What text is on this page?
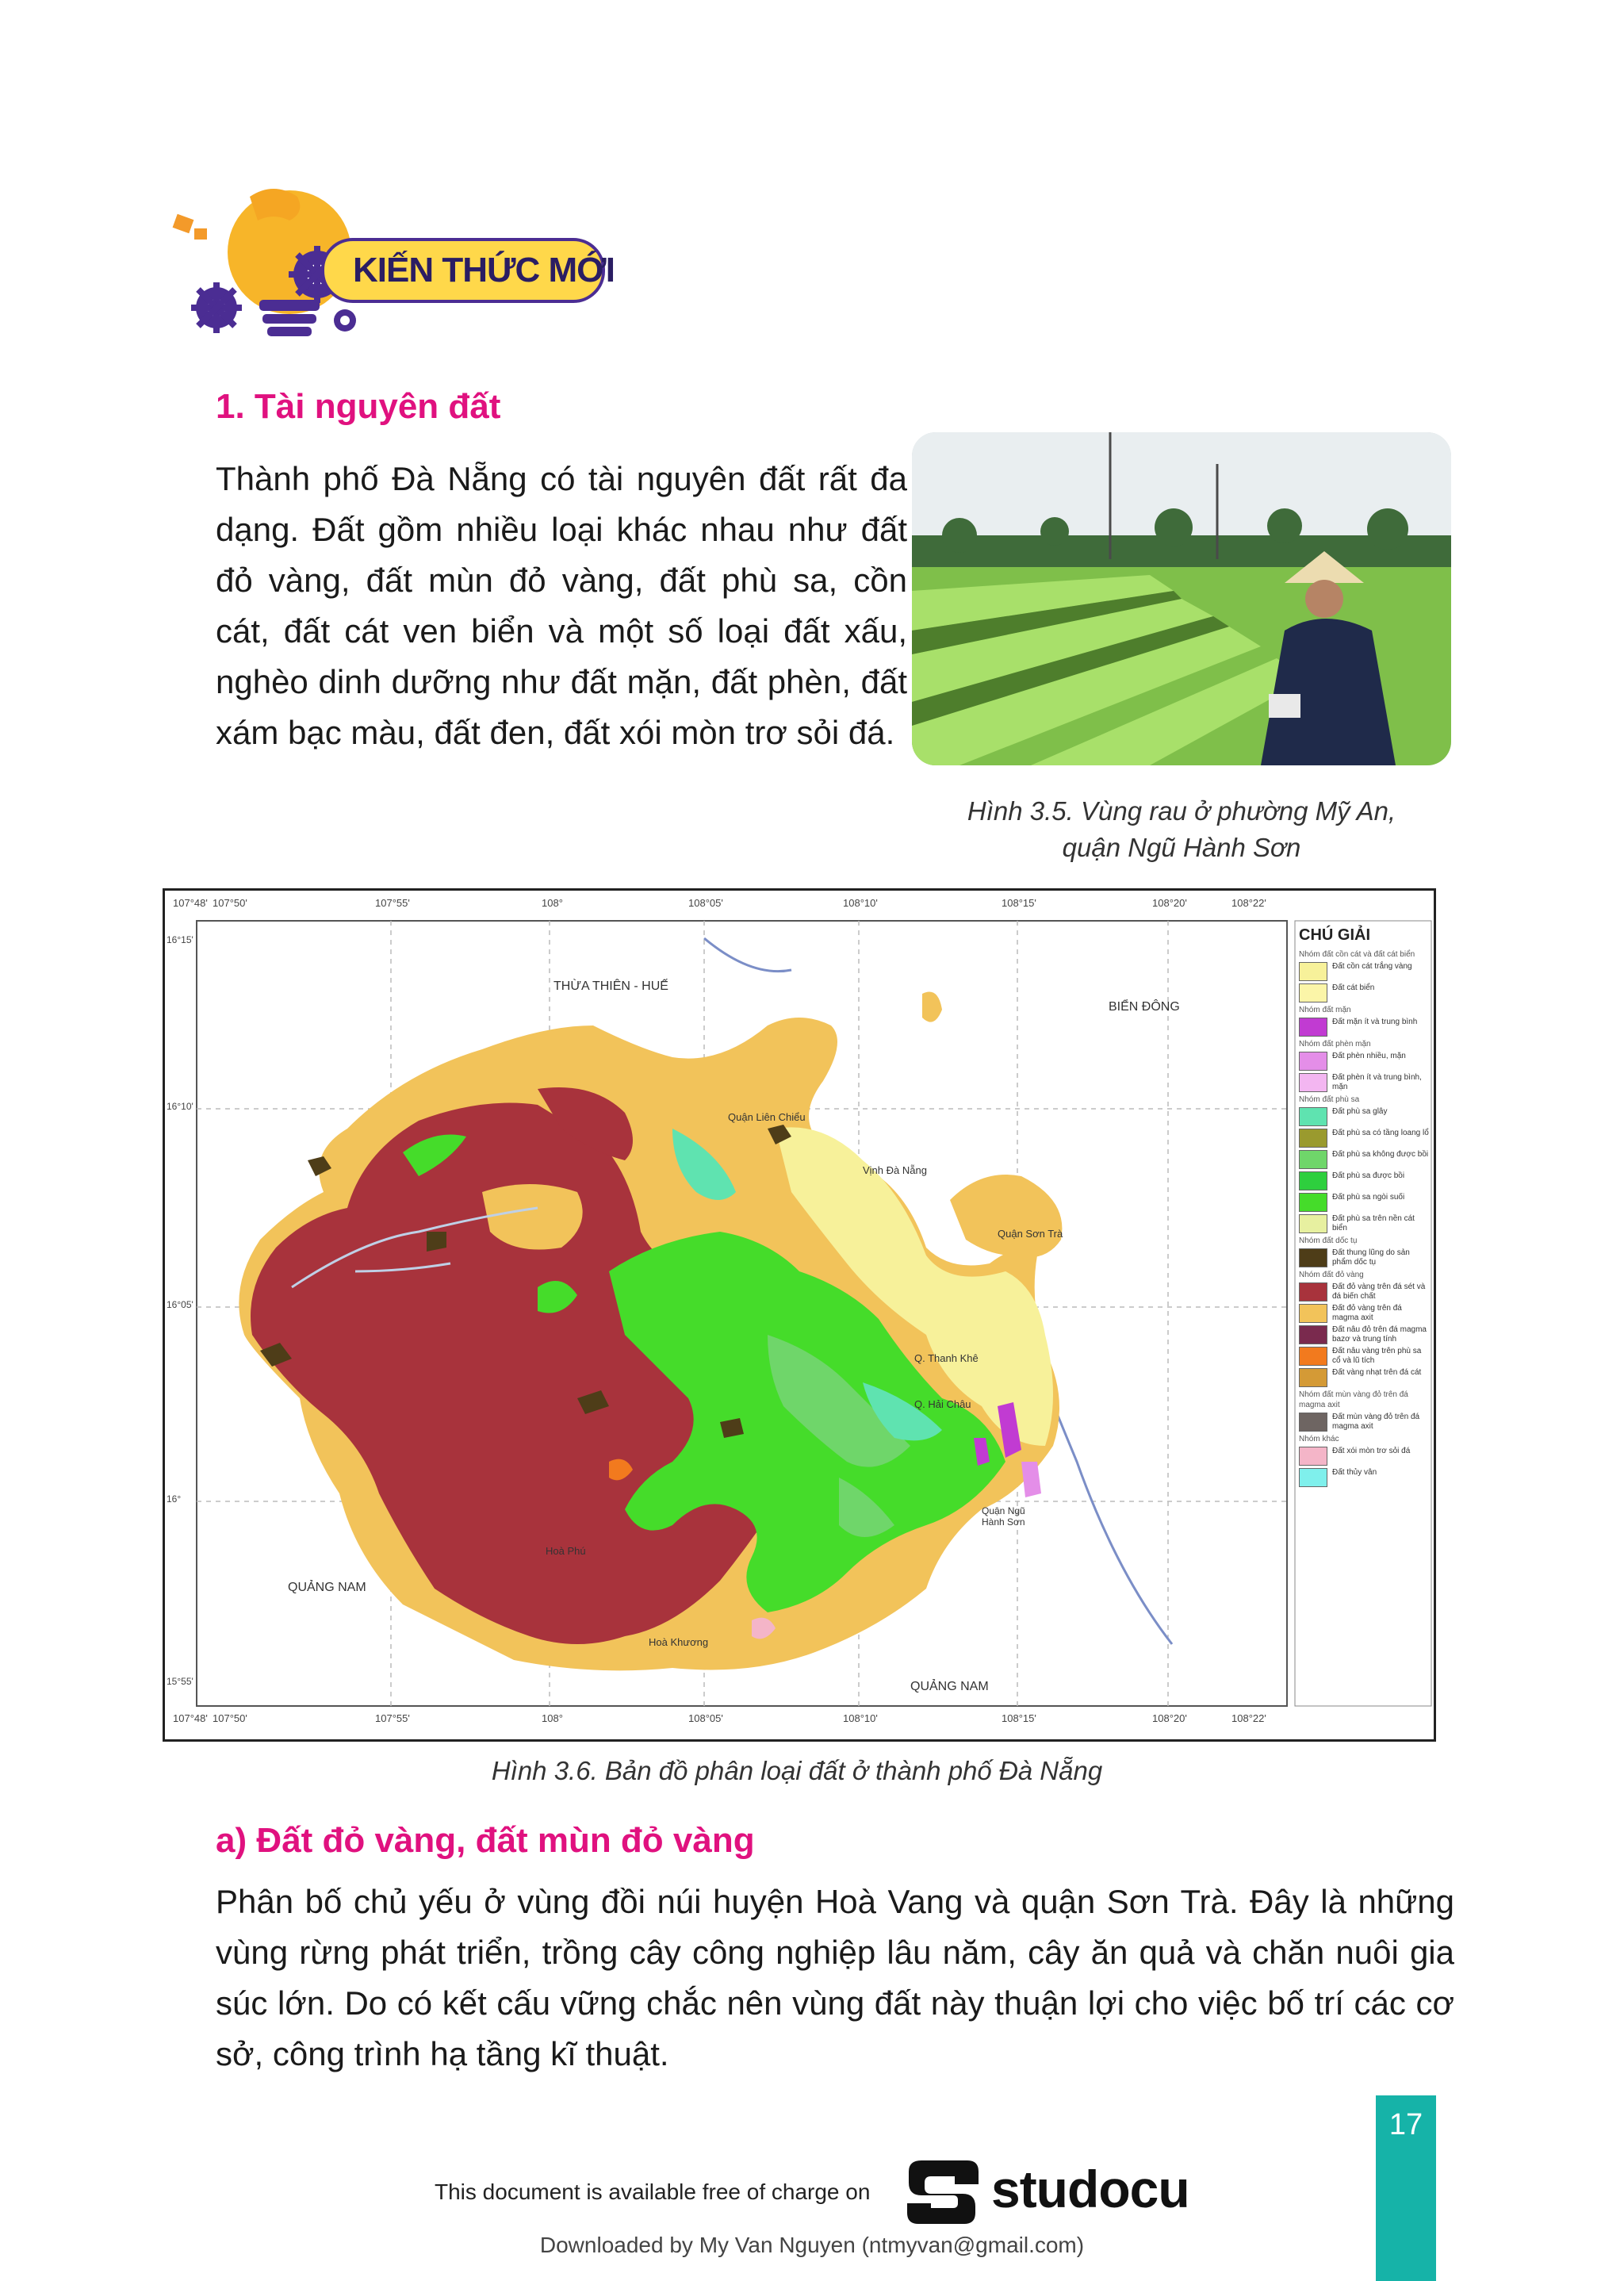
KIẾN THỨC MỚI
1. Tài nguyên đất

Thành phố Đà Nẵng có tài nguyên đất rất đa dạng. Đất gồm nhiều loại khác nhau như đất đỏ vàng, đất mùn đỏ vàng, đất phù sa, cồn cát, đất cát ven biển và một số loại đất xấu, nghèo dinh dưỡng như đất mặn, đất phèn, đất xám bạc màu, đất đen, đất xói mòn trơ sỏi đá.

Hình 3.5. Vùng rau ở phường Mỹ An,
quận Ngũ Hành Sơn
107°48' 107°50'	107°55'	108°	108°05'	108°10'	108°15'	108°20'	108°22'
107°48' 107°50'	107°55'	108°	108°05'	108°10'	108°15'	108°20'	108°22'
16°15'
16°10'
16°05'
16°
15°55'
THỪA THIÊN - HUẾ
BIỂN ĐÔNG
QUẢNG NAM
QUẢNG NAM
Quận Liên Chiểu
Vịnh Đà Nẵng
Quận Sơn Trà
Q. Thanh Khê
Q. Hải Châu
Quận Ngũ Hành Sơn
Hoà Phú
Hoà Khương
CHÚ GIẢI
Nhóm đất cồn cát và đất cát biển
Đất cồn cát trắng vàng
Đất cát biển
Nhóm đất mặn
Đất mặn ít và trung bình
Nhóm đất phèn mặn
Đất phèn nhiều, mặn
Đất phèn ít và trung bình, mặn
Nhóm đất phù sa
Đất phù sa glây
Đất phù sa có tầng loang lổ
Đất phù sa không được bồi
Đất phù sa được bồi
Đất phù sa ngòi suối
Đất phù sa trên nền cát biển
Nhóm đất dốc tụ
Đất thung lũng do sản phẩm dốc tụ
Nhóm đất đỏ vàng
Đất đỏ vàng trên đá sét và đá biến chất
Đất đỏ vàng trên đá magma axit
Đất nâu đỏ trên đá magma bazơ và trung tính
Đất nâu vàng trên phù sa cổ và lũ tích
Đất vàng nhạt trên đá cát
Nhóm đất mùn vàng đỏ trên đá magma axit
Đất mùn vàng đỏ trên đá magma axit
Nhóm khác
Đất xói mòn trơ sỏi đá
Đất thủy vân
Hình 3.6. Bản đồ phân loại đất ở thành phố Đà Nẵng
a) Đất đỏ vàng, đất mùn đỏ vàng

Phân bố chủ yếu ở vùng đồi núi huyện Hoà Vang và quận Sơn Trà. Đây là những vùng rừng phát triển, trồng cây công nghiệp lâu năm, cây ăn quả và chăn nuôi gia súc lớn. Do có kết cấu vững chắc nên vùng đất này thuận lợi cho việc bố trí các cơ sở, công trình hạ tầng kĩ thuật.

17
This document is available free of charge on studocu
Downloaded by My Van Nguyen (ntmyvan@gmail.com)
